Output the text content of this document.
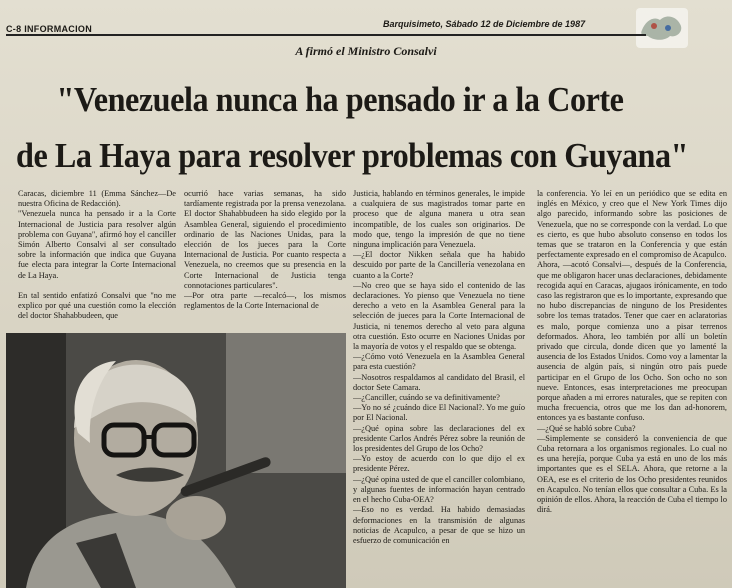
C-8 INFORMACION	Barquisimeto, Sábado 12 de Diciembre de 1987
A firmó el Ministro Consalvi
"Venezuela nunca ha pensado ir a la Corte
de La Haya para resolver problemas con Guyana"
Caracas, diciembre 11 (Emma Sánchez—De nuestra Oficina de Redacción).
"Venezuela nunca ha pensado ir a la Corte Internacional de Justicia para resolver algún problema con Guyana", afirmó hoy el canciller Simón Alberto Consalvi al ser consultado sobre la información que indica que Guyana fue electa para integrar la Corte Internacional de La Haya.

En tal sentido enfatizó Consalvi que "no me explico por qué una cuestión como la elección del doctor Shahabbudeen, que
ocurrió hace varias semanas, ha sido tardíamente registrada por la prensa venezolana. El doctor Shahabbudeen ha sido elegido por la Asamblea General, siguiendo el procedimiento ordinario de las Naciones Unidas, para la elección de los jueces para la Corte Internacional de Justicia. Por cuanto respecta a Venezuela, no creemos que su presencia en la Corte Internacional de Justicia tenga connotaciones particulares".
—Por otra parte —recalcó—, los mismos reglamentos de la Corte Internacional de
Justicia, hablando en términos generales, le impide a cualquiera de sus magistrados tomar parte en proceso que de alguna manera u otra sean incompatible, de los cuales son originarios. De modo que, tengo la impresión de que no tiene ninguna implicación para Venezuela.
—¿El doctor Nikken señala que ha habido descuido por parte de la Cancillería venezolana en cuanto a la Corte?
—No creo que se haya sido el contenido de las declaraciones. Yo pienso que Venezuela no tiene derecho a veto en la Asamblea General para la selección de jueces para la Corte Internacional de Justicia, ni tenemos derecho al veto para alguna otra cuestión. Esto ocurre en Naciones Unidas por la mayoría de votos y el respaldo que se obtenga.
—¿Cómo votó Venezuela en la Asamblea General para esta cuestión?
—Nosotros respaldamos al candidato del Brasil, el doctor Sete Camara.
—¿Canciller, cuándo se va definitivamente?
—Yo no sé ¿cuándo dice El Nacional?. Yo me guío por El Nacional.
—¿Qué opina sobre las declaraciones del ex presidente Carlos Andrés Pérez sobre la reunión de los presidentes del Grupo de los Ocho?
—Yo estoy de acuerdo con lo que dijo el ex presidente Pérez.
—¿Qué opina usted de que el canciller colombiano, y algunas fuentes de información hayan centrado en el hecho Cuba-OEA?
—Eso no es verdad. Ha habido demasiadas deformaciones en la transmisión de algunas noticias de Acapulco, a pesar de que se hizo un esfuerzo de comunicación en
la conferencia. Yo leí en un periódico que se edita en inglés en México, y creo que el New York Times dijo algo parecido, informando sobre las posiciones de Venezuela, que no se corresponde con la verdad. Lo que es cierto, es que hubo absoluto consenso en todos los temas que se trataron en la Conferencia y que están perfectamente expresado en el compromiso de Acapulco.
Ahora, —acotó Consalvi—, después de la Conferencia, que me obligaron hacer unas declaraciones, debidamente recogida aquí en Caracas, ajugaos irónicamente, en todo caso las registraron que es lo importante, expresando que no hubo discrepancias de ninguno de los Presidentes sobre los temas tratados. Tener que caer en aclaratorias es malo, porque comienza uno a pisar terrenos deformados. Ahora, leo también por allí un boletín privado que circula, donde dicen que yo lamenté la ausencia de los Estados Unidos. Como voy a lamentar la ausencia de algún país, si ningún otro país puede participar en el Grupo de los Ocho. Son ocho no son nueve. Entonces, esas interpretaciones me preocupan porque añaden a mi errores naturales, que se repiten con mucha frecuencia, otros que me los dan ad-honorem, entonces ya es bastante confuso.
—¿Qué se habló sobre Cuba?
—Simplemente se consideró la conveniencia de que Cuba retornara a los organismos regionales. Lo cual no es una herejía, porque Cuba ya está en uno de los más importantes que es el SELA. Ahora, que retorne a la OEA, ese es el criterio de los Ocho presidentes reunidos en Acapulco. No tenían ellos que consultar a Cuba. Es la opinión de ellos. Ahora, la reacción de Cuba el tiempo lo dirá.
